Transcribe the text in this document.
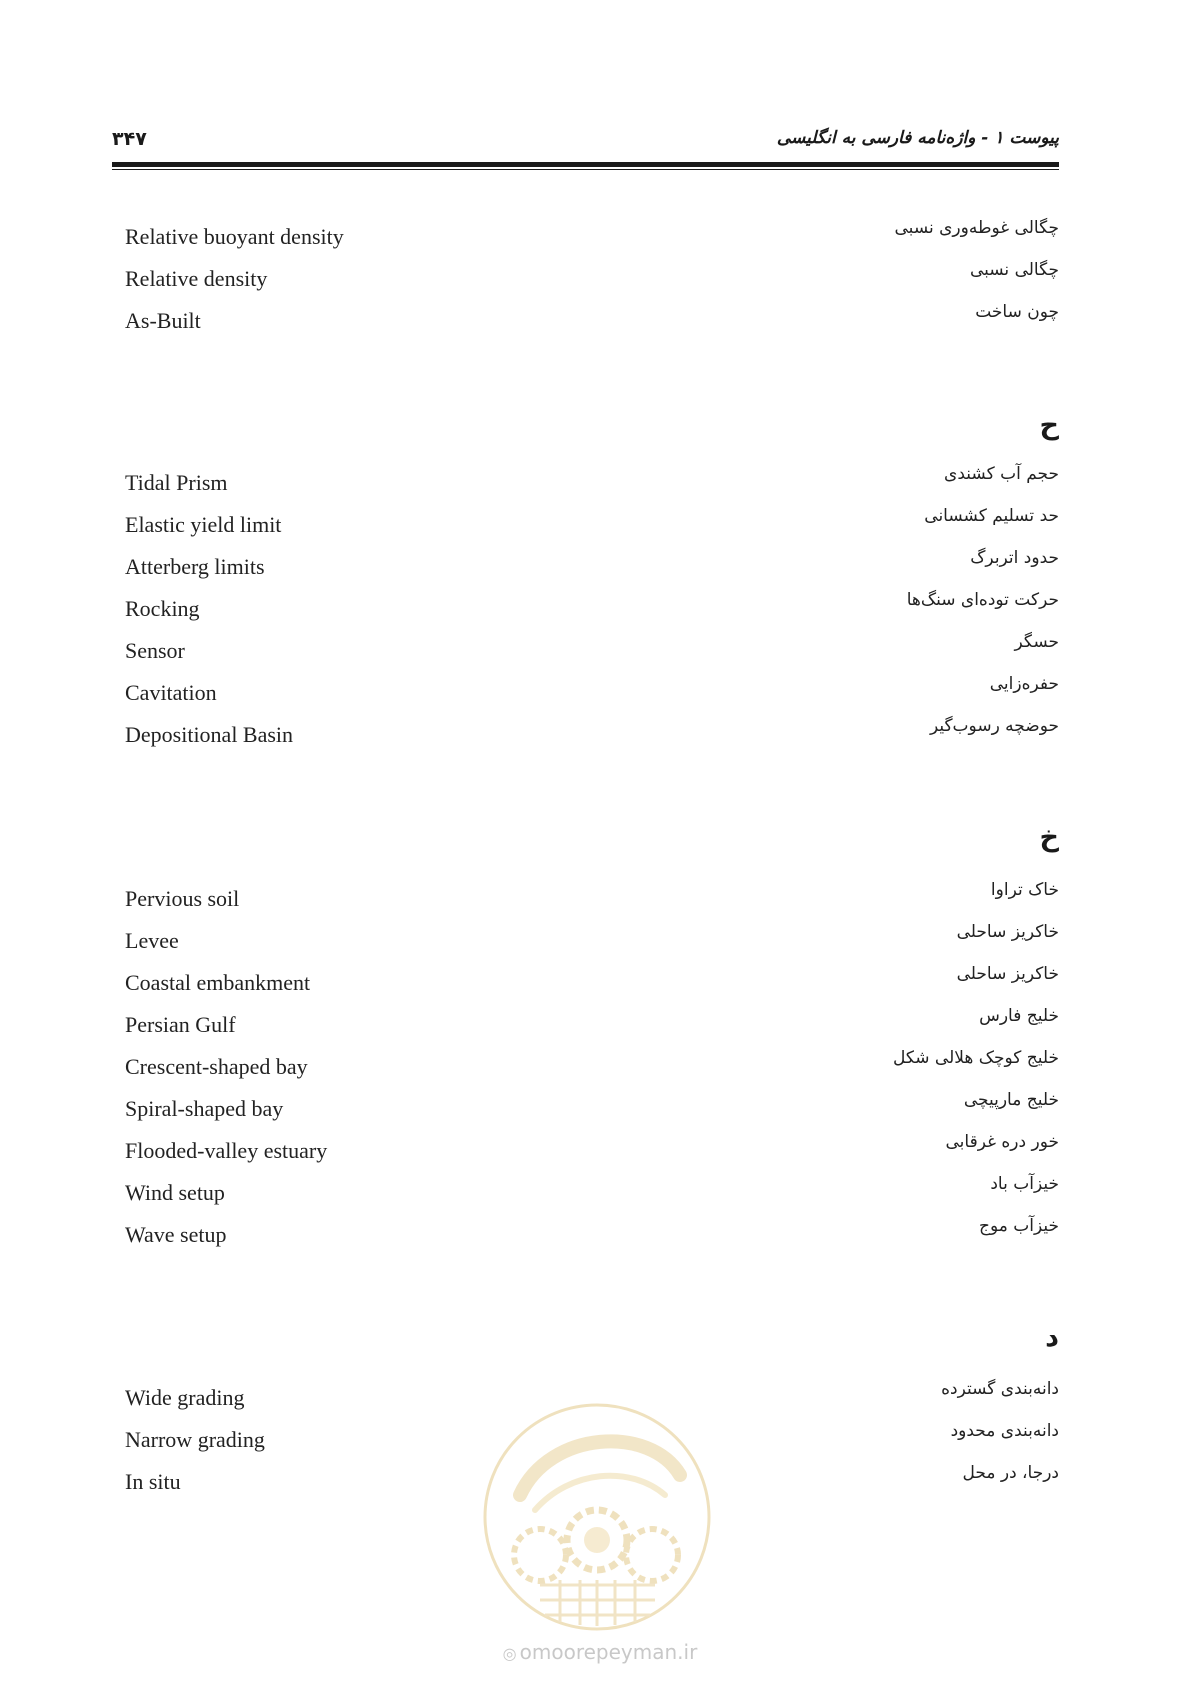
۳۴۷	پیوست ۱ - واژه‌نامه فارسی به انگلیسی
Relative buoyant density	چگالی غوطه‌وری نسبی
Relative density	چگالی نسبی
As-Built	چون ساخت
ح
Tidal Prism	حجم آب کشندی
Elastic yield limit	حد تسلیم کشسانی
Atterberg limits	حدود اتربرگ
Rocking	حرکت توده‌ای سنگ‌ها
Sensor	حسگر
Cavitation	حفره‌زایی
Depositional Basin	حوضچه رسوب‌گیر
خ
Pervious soil	خاک تراوا
Levee	خاکریز ساحلی
Coastal embankment	خاکریز ساحلی
Persian Gulf	خلیج فارس
Crescent-shaped bay	خلیج کوچک هلالی شکل
Spiral-shaped bay	خلیج مارپیچی
Flooded-valley estuary	خور دره غرقابی
Wind setup	خیزآب باد
Wave setup	خیزآب موج
د
Wide grading	دانه‌بندی گسترده
Narrow grading	دانه‌بندی محدود
In situ	درجا، در محل
◎ omoorepeyman.ir
